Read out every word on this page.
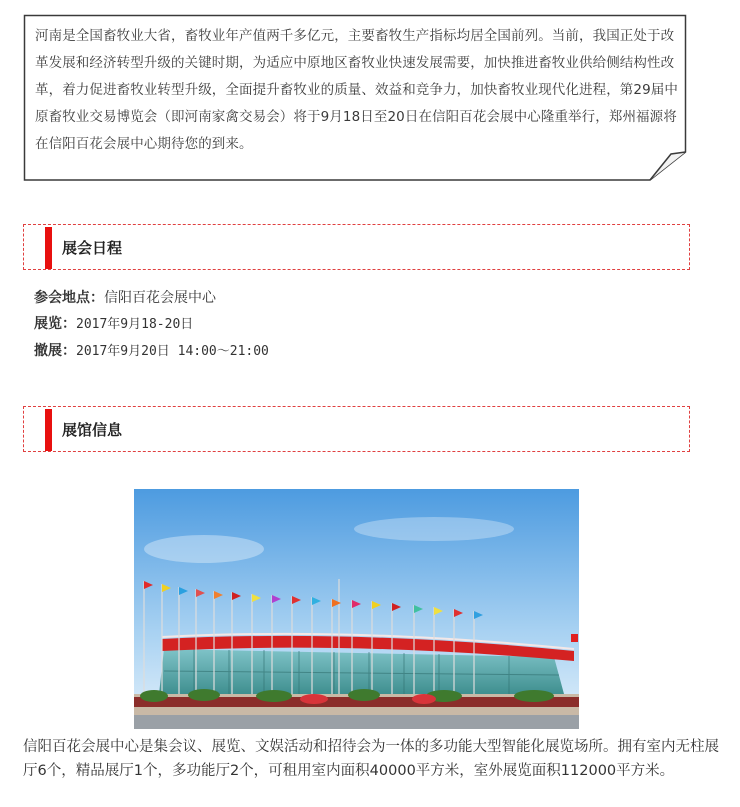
河南是全国畜牧业大省，畜牧业年产值两千多亿元，主要畜牧生产指标均居全国前列。当前，我国正处于改革发展和经济转型升级的关键时期，为适应中原地区畜牧业快速发展需要，加快推进畜牧业供给侧结构性改革，着力促进畜牧业转型升级，全面提升畜牧业的质量、效益和竞争力，加快畜牧业现代化进程，第29届中原畜牧业交易博览会（即河南家禽交易会）将于9月18日至20日在信阳百花会展中心隆重举行，郑州福源将在信阳百花会展中心期待您的到来。
展会日程
参会地点：信阳百花会展中心
展览：2017年9月18-20日
撤展：2017年9月20日 14:00～21:00
展馆信息
信阳百花会展中心是集会议、展览、文娱活动和招待会为一体的多功能大型智能化展览场所。拥有室内无柱展厅6个，精品展厅1个，多功能厅2个，可租用室内面积40000平方米，室外展览面积112000平方米。
